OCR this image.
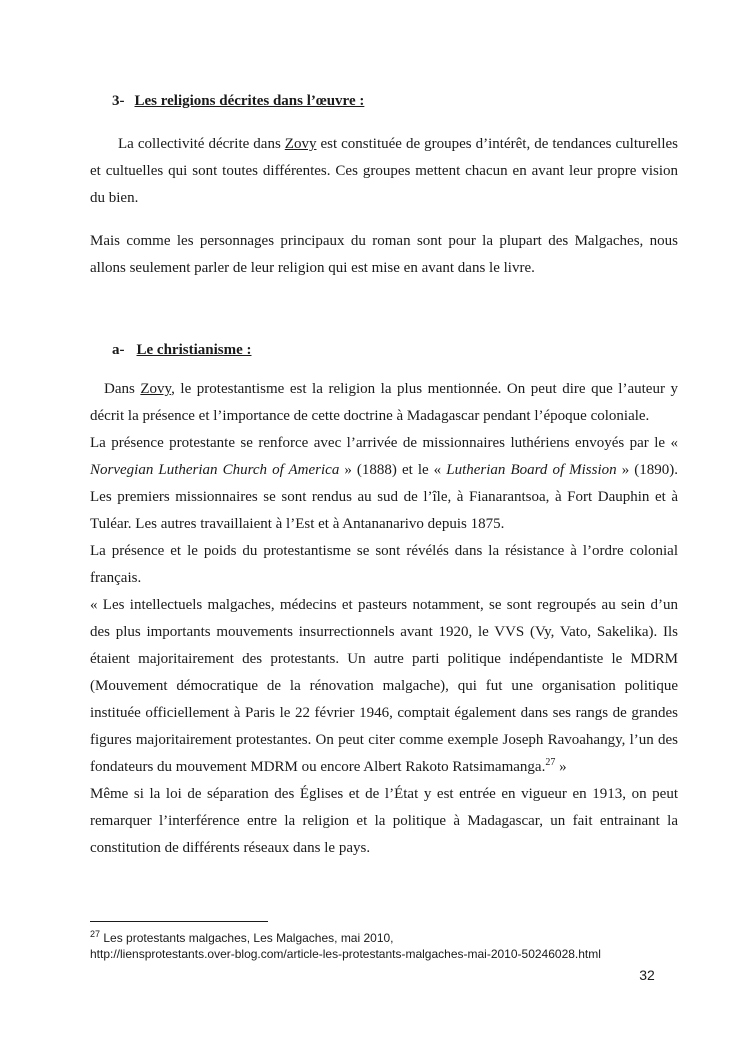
3- Les religions décrites dans l’œuvre :

La collectivité décrite dans Zovy est constituée de groupes d’intérêt, de tendances culturelles et cultuelles qui sont toutes différentes. Ces groupes mettent chacun en avant leur propre vision du bien.

Mais comme les personnages principaux du roman sont pour la plupart des Malgaches, nous allons seulement parler de leur religion qui est mise en avant dans le livre.

a- Le christianisme :

Dans Zovy, le protestantisme est la religion la plus mentionnée. On peut dire que l’auteur y décrit la présence et l’importance de cette doctrine à Madagascar pendant l’époque coloniale.

La présence protestante se renforce avec l’arrivée de missionnaires luthériens envoyés par le « Norvegian Lutherian Church of America » (1888) et le « Lutherian Board of Mission » (1890). Les premiers missionnaires se sont rendus au sud de l’île, à Fianarantsoa, à Fort Dauphin et à Tuléar. Les autres travaillaient à l’Est et à Antananarivo depuis 1875.

La présence et le poids du protestantisme se sont révélés dans la résistance à l’ordre colonial français.

« Les intellectuels malgaches, médecins et pasteurs notamment, se sont regroupés au sein d’un des plus importants mouvements insurrectionnels avant 1920, le VVS (Vy, Vato, Sakelika). Ils étaient majoritairement des protestants. Un autre parti politique indépendantiste le MDRM (Mouvement démocratique de la rénovation malgache), qui fut une organisation politique instituée officiellement à Paris le 22 février 1946, comptait également dans ses rangs de grandes figures majoritairement protestantes. On peut citer comme exemple Joseph Ravoahangy, l’un des fondateurs du mouvement MDRM ou encore Albert Rakoto Ratsimamanga.$^{27}$ »

Même si la loi de séparation des Églises et de l’État y est entrée en vigueur en 1913, on peut remarquer l’interférence entre la religion et la politique à Madagascar, un fait entrainant la constitution de différents réseaux dans le pays.

$^{27}$ Les protestants malgaches, Les Malgaches, mai 2010,
http://liensprotestants.over-blog.com/article-les-protestants-malgaches-mai-2010-50246028.html
32
